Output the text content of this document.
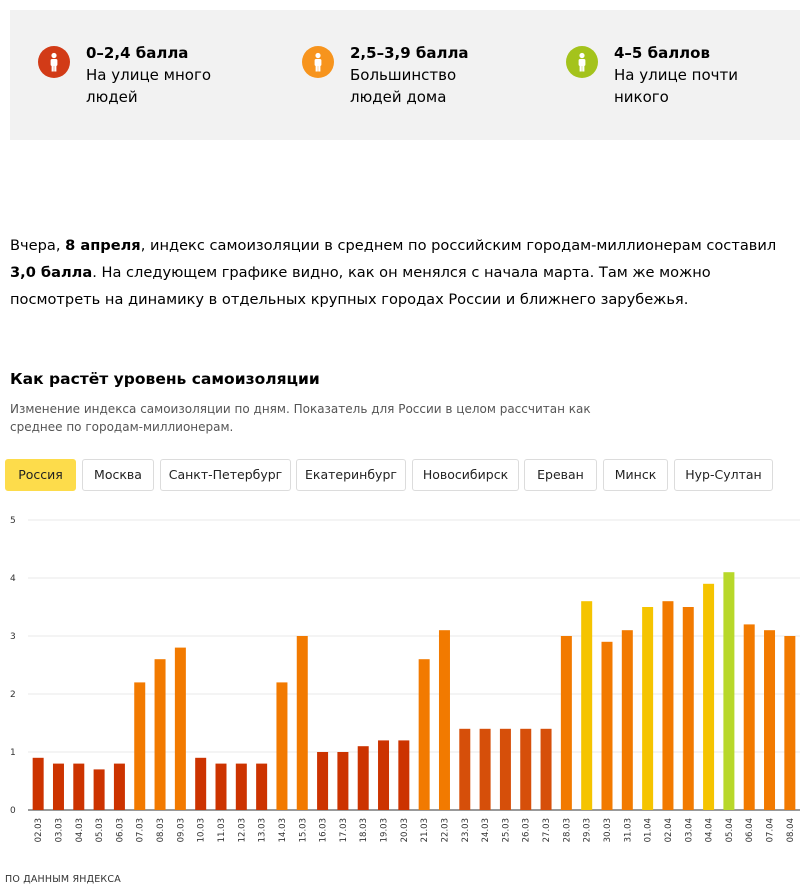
0–2,4 балла
На улице много
людей
2,5–3,9 балла
Большинство
людей дома
4–5 баллов
На улице почти
никого
Вчера, 8 апреля, индекс самоизоляции в среднем по российским городам-миллионерам составил 3,0 балла. На следующем графике видно, как он менялся с начала марта. Там же можно посмотреть на динамику в отдельных крупных городах России и ближнего зарубежья.
Как растёт уровень самоизоляции
Изменение индекса самоизоляции по дням. Показатель для России в целом рассчитан как среднее по городам-миллионерам.
Россия	Москва	Санкт-Петербург	Екатеринбург	Новосибирск	Ереван	Минск	Нур-Султан
0
1
2
3
4
5
02.03 03.03 04.03 05.03 06.03 07.03 08.03 09.03 10.03 11.03 12.03 13.03 14.03 15.03 16.03 17.03 18.03 19.03 20.03 21.03 22.03 23.03 24.03 25.03 26.03 27.03 28.03 29.03 30.03 31.03 01.04 02.04 03.04 04.04 05.04 06.04 07.04 08.04
ПО ДАННЫМ ЯНДЕКСА
